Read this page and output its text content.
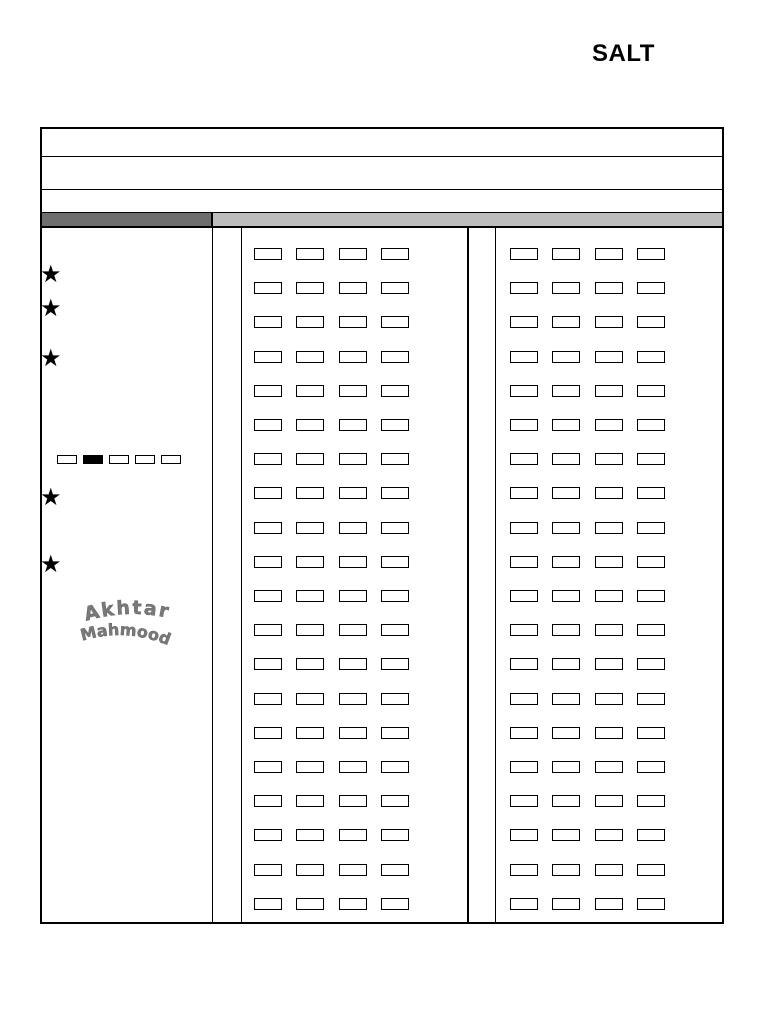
SALT
★
★
★
★
★
Akhtar
Mahmood
